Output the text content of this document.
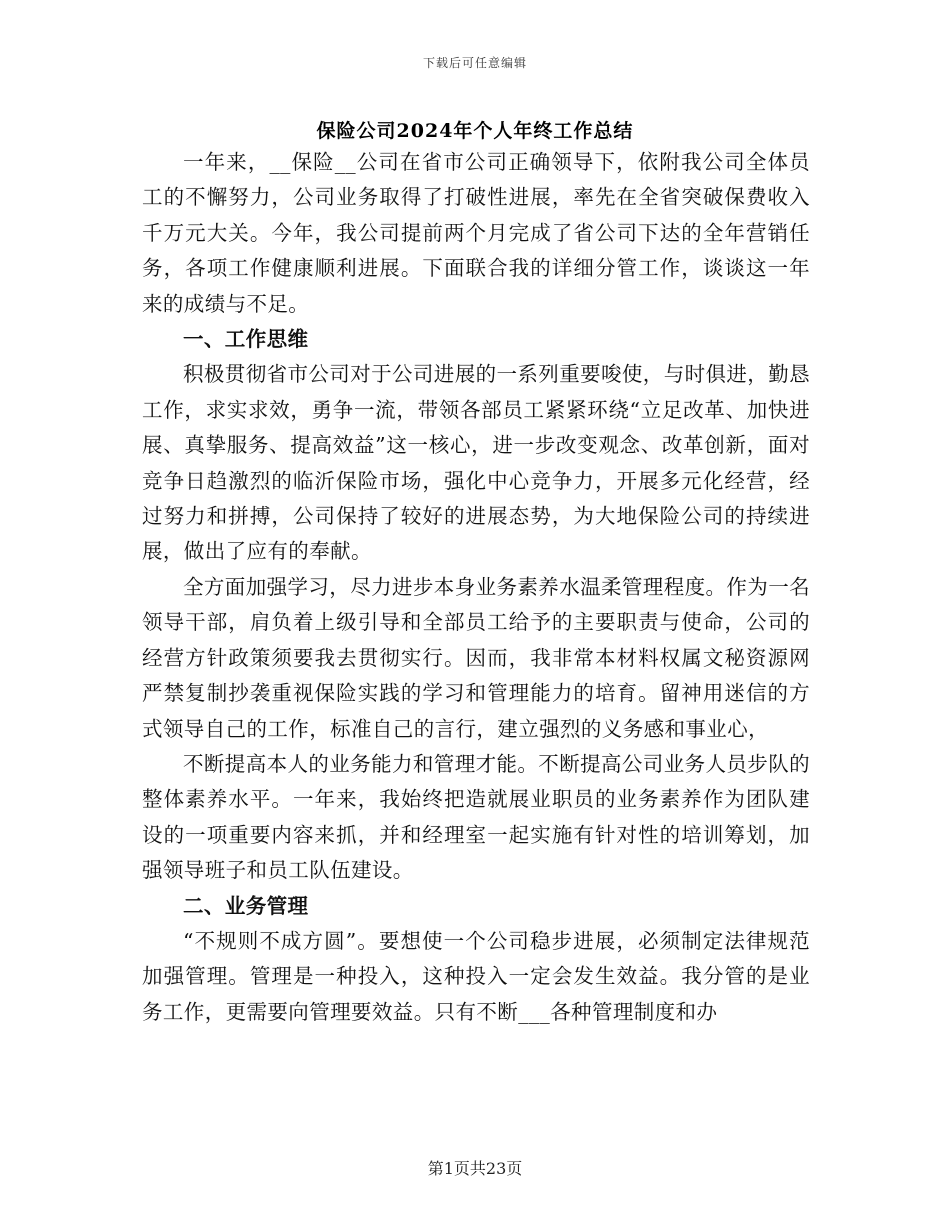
下载后可任意编辑
保险公司2024年个人年终工作总结

一年来，__保险__公司在省市公司正确领导下，依附我公司全体员工的不懈努力，公司业务取得了打破性进展，率先在全省突破保费收入千万元大关。今年，我公司提前两个月完成了省公司下达的全年营销任务，各项工作健康顺利进展。下面联合我的详细分管工作，谈谈这一年来的成绩与不足。

一、工作思维

积极贯彻省市公司对于公司进展的一系列重要唆使，与时俱进，勤恳工作，求实求效，勇争一流，带领各部员工紧紧环绕“立足改革、加快进展、真挚服务、提高效益”这一核心，进一步改变观念、改革创新，面对竞争日趋激烈的临沂保险市场，强化中心竞争力，开展多元化经营，经过努力和拼搏，公司保持了较好的进展态势，为大地保险公司的持续进展，做出了应有的奉献。

全方面加强学习，尽力进步本身业务素养水温柔管理程度。作为一名领导干部，肩负着上级引导和全部员工给予的主要职责与使命，公司的经营方针政策须要我去贯彻实行。因而，我非常本材料权属文秘资源网严禁复制抄袭重视保险实践的学习和管理能力的培育。留神用迷信的方式领导自己的工作，标准自己的言行，建立强烈的义务感和事业心，

不断提高本人的业务能力和管理才能。不断提高公司业务人员步队的整体素养水平。一年来，我始终把造就展业职员的业务素养作为团队建设的一项重要内容来抓，并和经理室一起实施有针对性的培训筹划，加强领导班子和员工队伍建设。

二、业务管理

“不规则不成方圆”。要想使一个公司稳步进展，必须制定法律规范加强管理。管理是一种投入，这种投入一定会发生效益。我分管的是业务工作，更需要向管理要效益。只有不断___各种管理制度和办

第1页共23页
